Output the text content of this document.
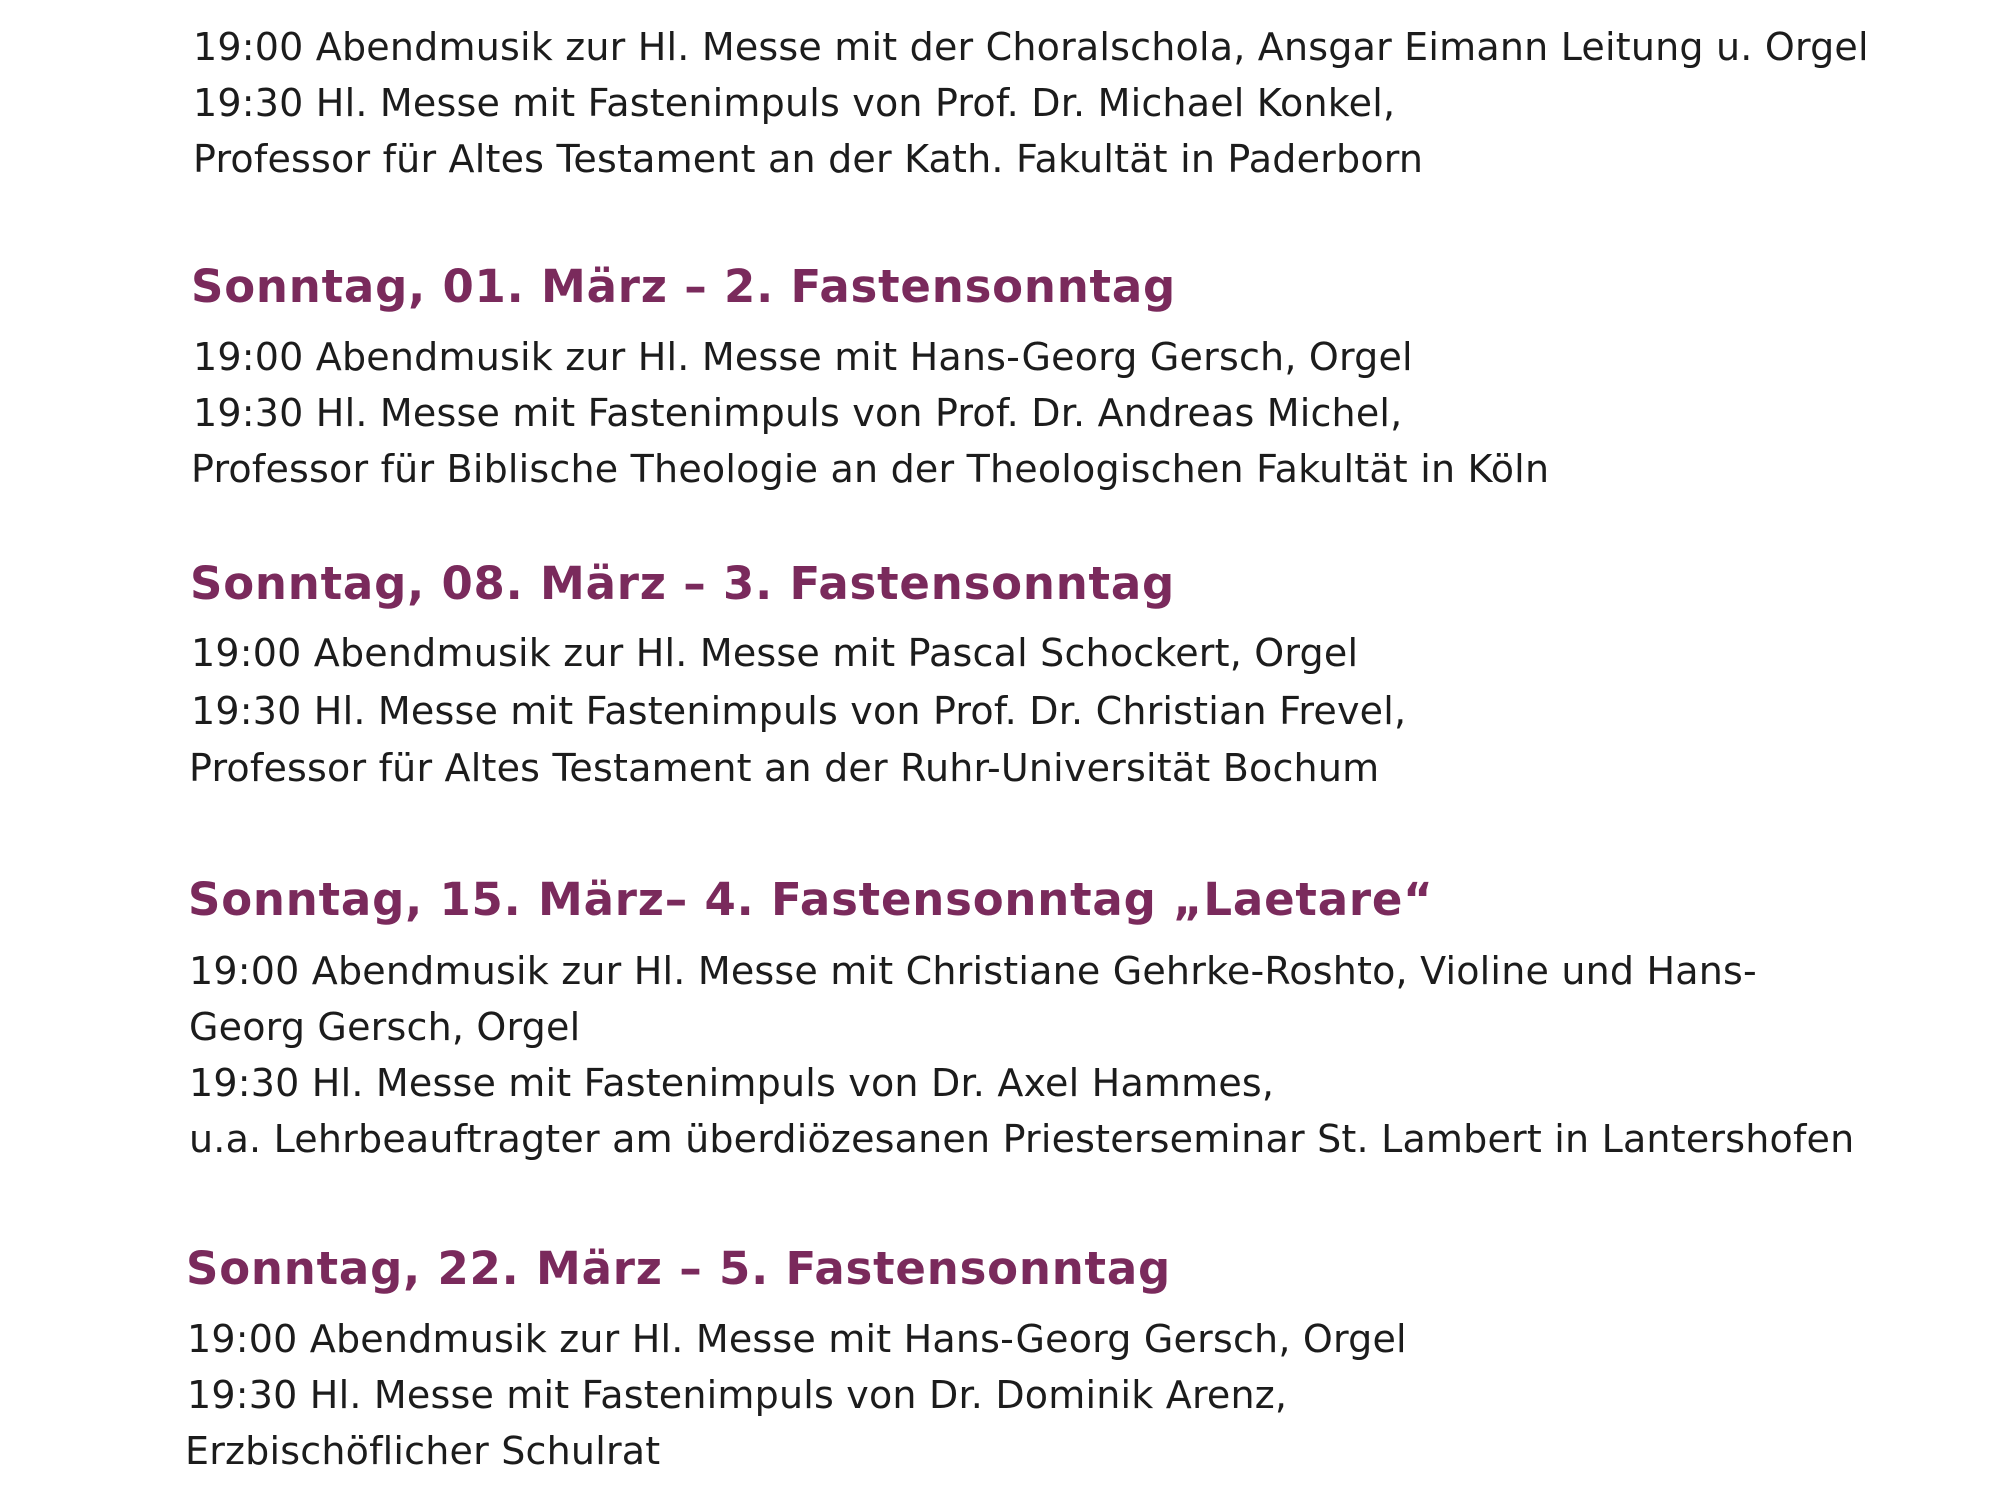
19:00 Abendmusik zur Hl. Messe mit der Choralschola, Ansgar Eimann Leitung u. Orgel
19:30 Hl. Messe mit Fastenimpuls von Prof. Dr. Michael Konkel,
Professor für Altes Testament an der Kath. Fakultät in Paderborn
Sonntag, 01. März – 2. Fastensonntag
19:00 Abendmusik zur Hl. Messe mit Hans-Georg Gersch, Orgel
19:30 Hl. Messe mit Fastenimpuls von Prof. Dr. Andreas Michel,
Professor für Biblische Theologie an der Theologischen Fakultät in Köln
Sonntag, 08. März – 3. Fastensonntag
19:00 Abendmusik zur Hl. Messe mit Pascal Schockert, Orgel
19:30 Hl. Messe mit Fastenimpuls von Prof. Dr. Christian Frevel,
Professor für Altes Testament an der Ruhr-Universität Bochum
Sonntag, 15. März– 4. Fastensonntag „Laetare“
19:00 Abendmusik zur Hl. Messe mit Christiane Gehrke-Roshto, Violine und Hans-
Georg Gersch, Orgel
19:30 Hl. Messe mit Fastenimpuls von Dr. Axel Hammes,
u.a. Lehrbeauftragter am überdiözesanen Priesterseminar St. Lambert in Lantershofen
Sonntag, 22. März – 5. Fastensonntag
19:00 Abendmusik zur Hl. Messe mit Hans-Georg Gersch, Orgel
19:30 Hl. Messe mit Fastenimpuls von Dr. Dominik Arenz,
Erzbischöflicher Schulrat
